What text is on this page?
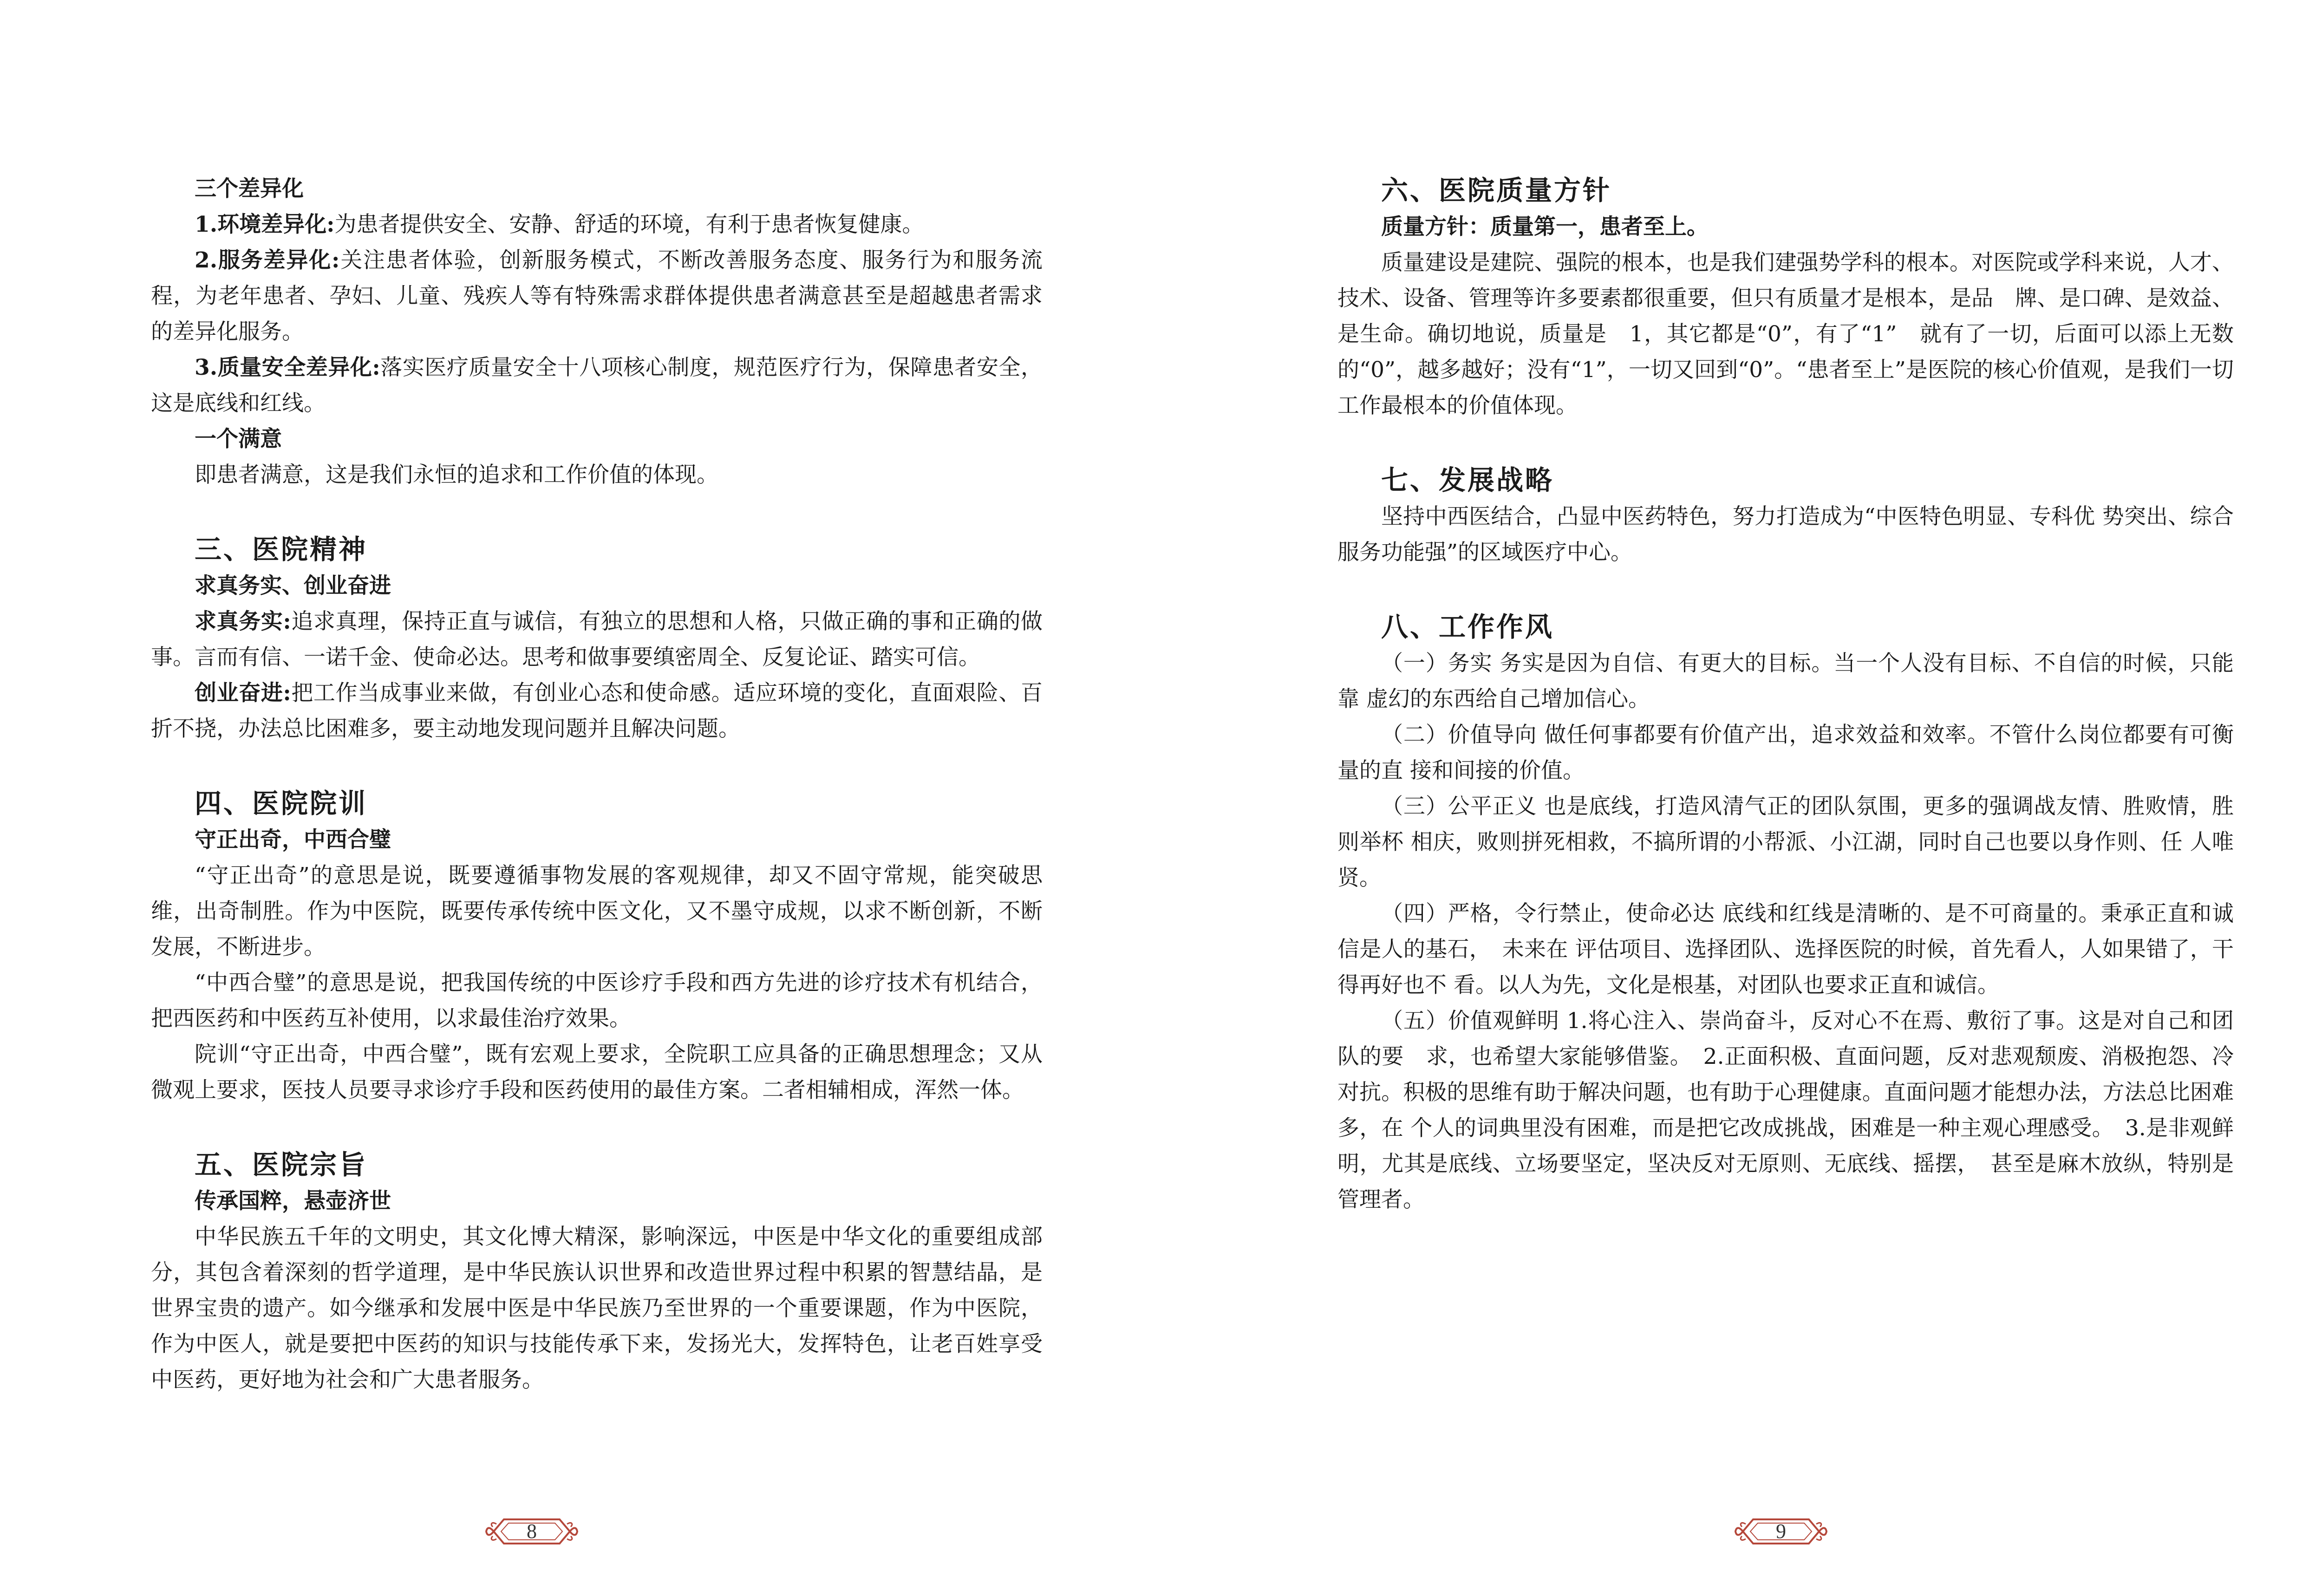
三个差异化

1.环境差异化:为患者提供安全、安静、舒适的环境，有利于患者恢复健康。

2.服务差异化:关注患者体验，创新服务模式，不断改善服务态度、服务行为和服务流程，为老年患者、孕妇、儿童、残疾人等有特殊需求群体提供患者满意甚至是超越患者需求的差异化服务。

3.质量安全差异化:落实医疗质量安全十八项核心制度，规范医疗行为，保障患者安全，这是底线和红线。

一个满意

即患者满意，这是我们永恒的追求和工作价值的体现。

三、医院精神

求真务实、创业奋进

求真务实:追求真理，保持正直与诚信，有独立的思想和人格，只做正确的事和正确的做事。言而有信、一诺千金、使命必达。思考和做事要缜密周全、反复论证、踏实可信。

创业奋进:把工作当成事业来做，有创业心态和使命感。适应环境的变化，直面艰险、百折不挠，办法总比困难多，要主动地发现问题并且解决问题。

四、医院院训

守正出奇，中西合璧

“守正出奇”的意思是说，既要遵循事物发展的客观规律，却又不固守常规，能突破思维，出奇制胜。作为中医院，既要传承传统中医文化，又不墨守成规，以求不断创新，不断发展，不断进步。

“中西合璧”的意思是说，把我国传统的中医诊疗手段和西方先进的诊疗技术有机结合，把西医药和中医药互补使用，以求最佳治疗效果。

院训“守正出奇，中西合璧”，既有宏观上要求，全院职工应具备的正确思想理念；又从微观上要求，医技人员要寻求诊疗手段和医药使用的最佳方案。二者相辅相成，浑然一体。

五、医院宗旨

传承国粹，悬壶济世

中华民族五千年的文明史，其文化博大精深，影响深远，中医是中华文化的重要组成部分，其包含着深刻的哲学道理，是中华民族认识世界和改造世界过程中积累的智慧结晶，是世界宝贵的遗产。如今继承和发展中医是中华民族乃至世界的一个重要课题，作为中医院，作为中医人，就是要把中医药的知识与技能传承下来，发扬光大，发挥特色，让老百姓享受中医药，更好地为社会和广大患者服务。

8
六、医院质量方针

质量方针：质量第一，患者至上。

质量建设是建院、强院的根本，也是我们建强势学科的根本。对医院或学科来说，人才、技术、设备、管理等许多要素都很重要，但只有质量才是根本，是品　牌、是口碑、是效益、是生命。确切地说，质量是　1，其它都是“0”，有了“1”　就有了一切，后面可以添上无数的“0”，越多越好；没有“1”，一切又回到“0”。“患者至上”是医院的核心价值观，是我们一切工作最根本的价值体现。

七、发展战略

坚持中西医结合，凸显中医药特色，努力打造成为“中医特色明显、专科优 势突出、综合服务功能强”的区域医疗中心。

八、工作作风

（一）务实 务实是因为自信、有更大的目标。当一个人没有目标、不自信的时候，只能靠 虚幻的东西给自己增加信心。

（二）价值导向 做任何事都要有价值产出，追求效益和效率。不管什么岗位都要有可衡量的直 接和间接的价值。

（三）公平正义 也是底线，打造风清气正的团队氛围，更多的强调战友情、胜败情，胜则举杯 相庆，败则拼死相救，不搞所谓的小帮派、小江湖，同时自己也要以身作则、任 人唯贤。

（四）严格，令行禁止，使命必达 底线和红线是清晰的、是不可商量的。秉承正直和诚信是人的基石，　未来在 评估项目、选择团队、选择医院的时候，首先看人，人如果错了，干得再好也不 看。以人为先，文化是根基，对团队也要求正直和诚信。

（五）价值观鲜明 1.将心注入、崇尚奋斗，反对心不在焉、敷衍了事。这是对自己和团队的要　求，也希望大家能够借鉴。　2.正面积极、直面问题，反对悲观颓废、消极抱怨、冷对抗。积极的思维有助于解决问题，也有助于心理健康。直面问题才能想办法，方法总比困难多，在 个人的词典里没有困难，而是把它改成挑战，困难是一种主观心理感受。　3.是非观鲜明，尤其是底线、立场要坚定，坚决反对无原则、无底线、摇摆，　甚至是麻木放纵，特别是管理者。

9
